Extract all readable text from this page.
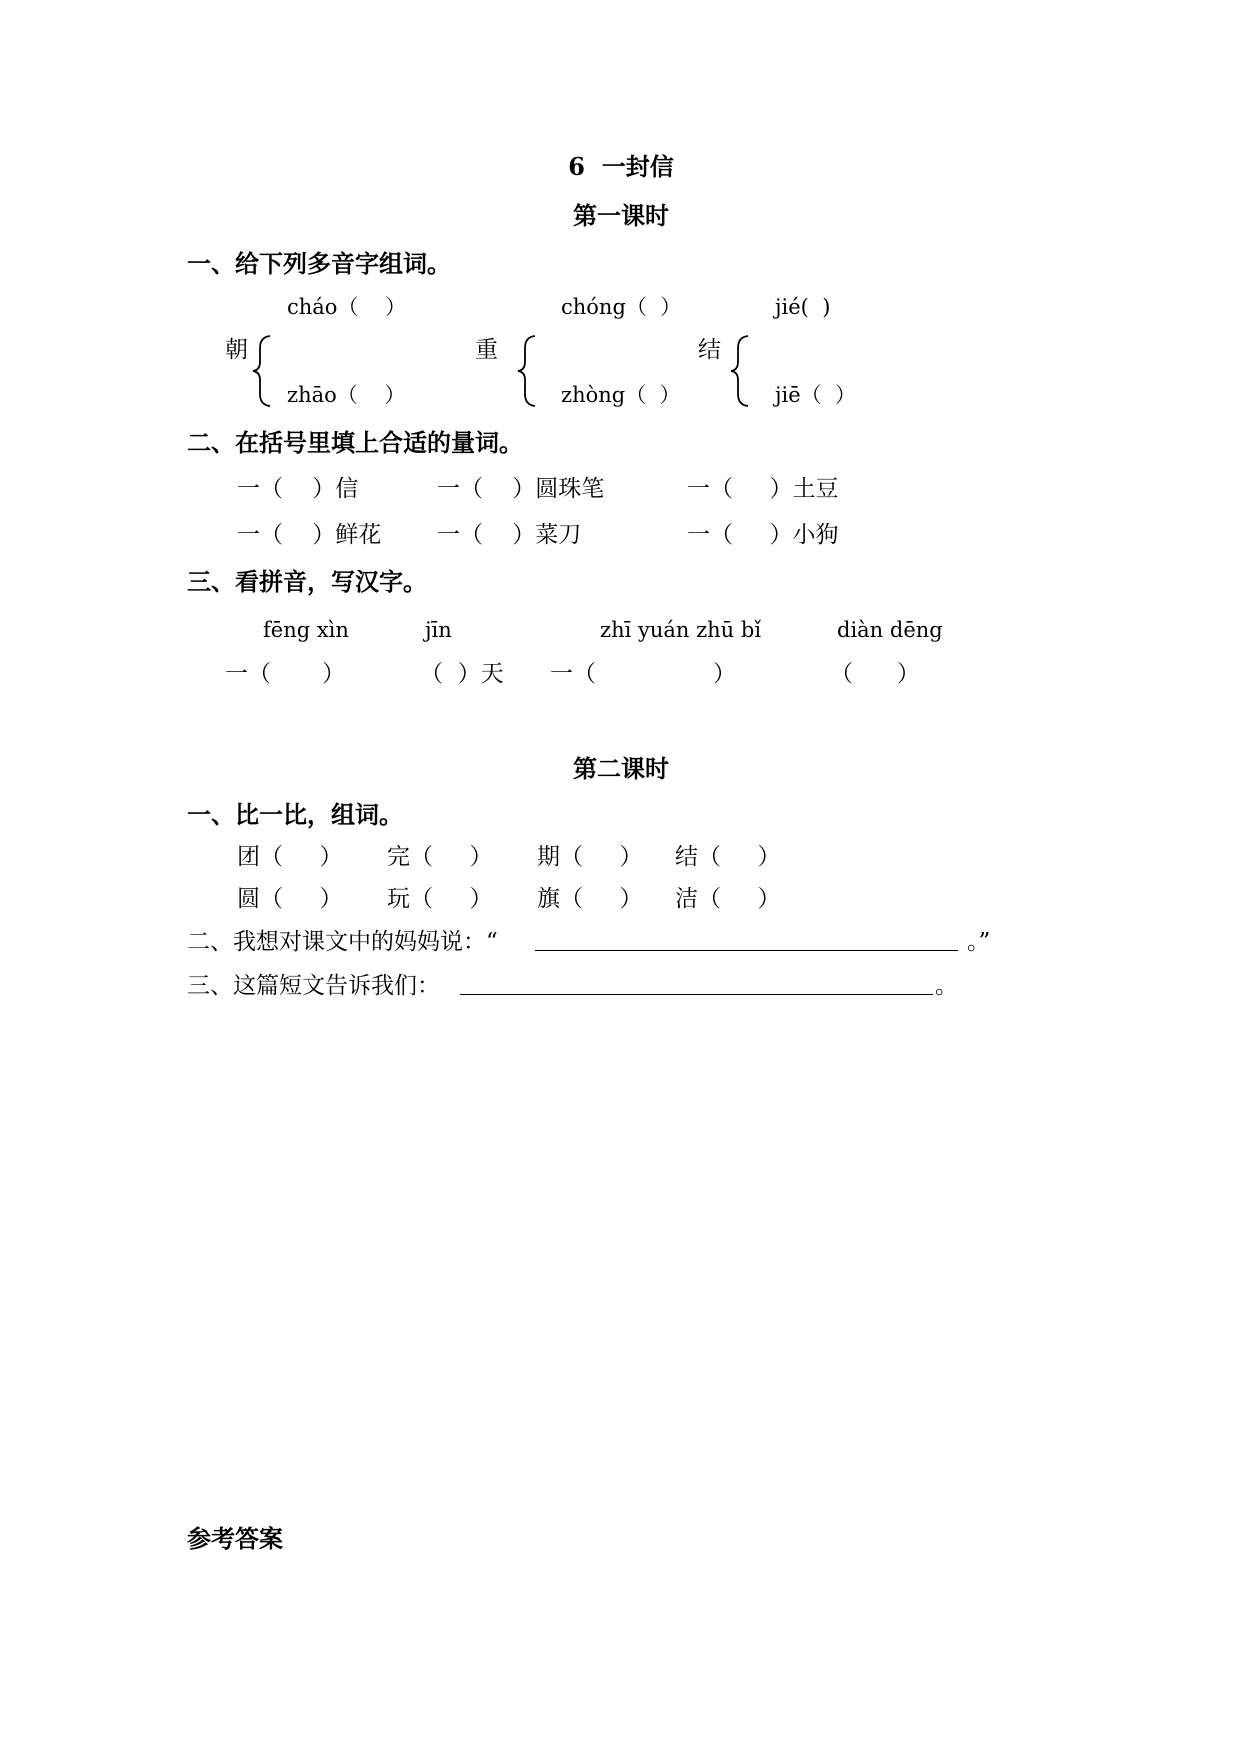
6  一封信
第一课时
一、给下列多音字组词。
cháo（    ）	chóng（  ）	jié(  )
朝	重	结
zhāo（    ）	zhòng（  ）	jiē（  ）
二、在括号里填上合适的量词。
一（    ）信	一（    ）圆珠笔	一（     ）土豆
一（    ）鲜花 一（    ）菜刀	一（     ）小狗
三、看拼音，写汉字。
fēng xìn	jīn	zhī yuán zhū bǐ	diàn dēng
一（       ）	（  ）天 一（                ）	（      ）
第二课时
一、比一比，组词。
团（     ） 完（     ） 期（     ） 结（     ）
圆（     ） 玩（     ） 旗（     ） 洁（     ）
二、我想对课文中的妈妈说：“	。”
三、这篇短文告诉我们：	。
参考答案
